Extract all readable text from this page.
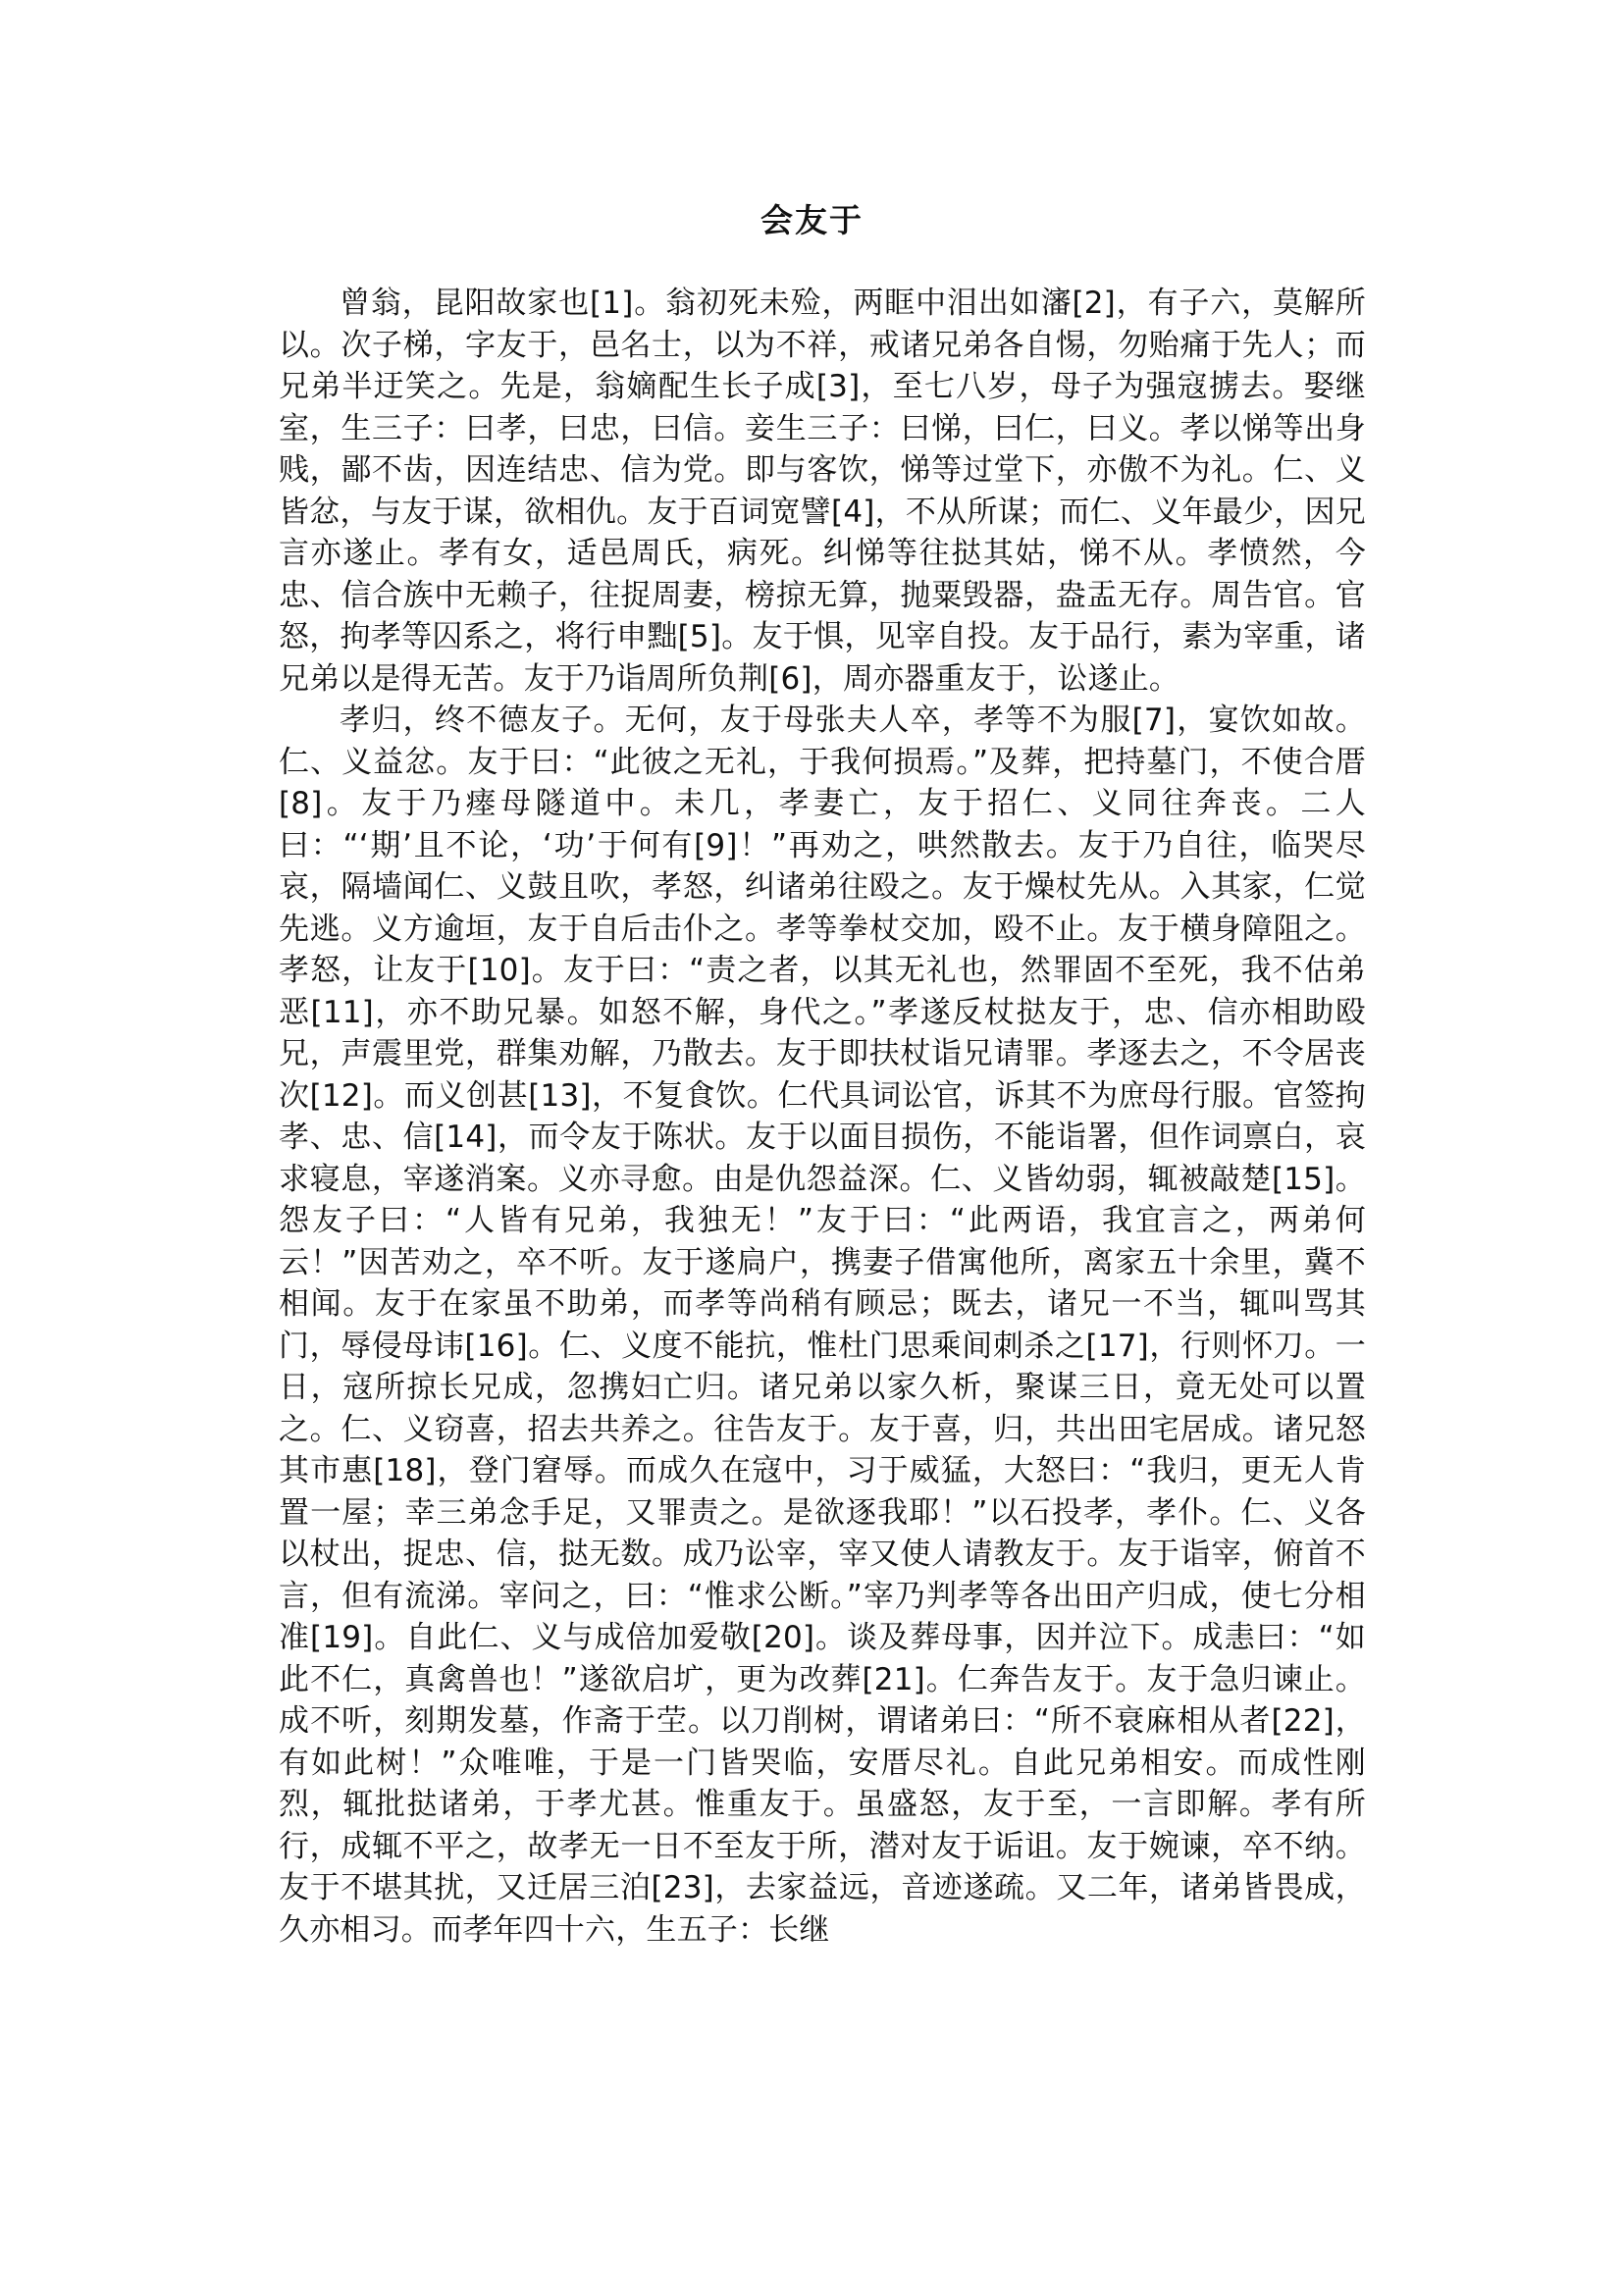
会友于

曾翁，昆阳故家也[1]。翁初死未殓，两眶中泪出如瀋[2]，有子六，莫解所以。次子梯，字友于，邑名士，以为不祥，戒诸兄弟各自惕，勿贻痛于先人；而兄弟半迂笑之。先是，翁嫡配生长子成[3]，至七八岁，母子为强寇掳去。娶继室，生三子：曰孝，曰忠，曰信。妾生三子：曰悌，曰仁，曰义。孝以悌等出身贱，鄙不齿，因连结忠、信为党。即与客饮，悌等过堂下，亦傲不为礼。仁、义皆忿，与友于谋，欲相仇。友于百词宽譬[4]，不从所谋；而仁、义年最少，因兄言亦遂止。孝有女，适邑周氏，病死。纠悌等往挞其姑，悌不从。孝愤然，今忠、信合族中无赖子，往捉周妻，榜掠无算，抛粟毁器，盎盂无存。周告官。官怒，拘孝等囚系之，将行申黜[5]。友于惧，见宰自投。友于品行，素为宰重，诸兄弟以是得无苦。友于乃诣周所负荆[6]，周亦器重友于，讼遂止。

孝归，终不德友子。无何，友于母张夫人卒，孝等不为服[7]，宴饮如故。仁、义益忿。友于曰：“此彼之无礼，于我何损焉。”及葬，把持墓门，不使合厝[8]。友于乃瘗母隧道中。未几，孝妻亡，友于招仁、义同往奔丧。二人曰：“‘期’且不论，‘功’于何有[9]！”再劝之，哄然散去。友于乃自往，临哭尽哀，隔墙闻仁、义鼓且吹，孝怒，纠诸弟往殴之。友于燥杖先从。入其家，仁觉先逃。义方逾垣，友于自后击仆之。孝等拳杖交加，殴不止。友于横身障阻之。孝怒，让友于[10]。友于曰：“责之者，以其无礼也，然罪固不至死，我不估弟恶[11]，亦不助兄暴。如怒不解，身代之。”孝遂反杖挞友于，忠、信亦相助殴兄，声震里党，群集劝解，乃散去。友于即扶杖诣兄请罪。孝逐去之，不令居丧次[12]。而义创甚[13]，不复食饮。仁代具词讼官，诉其不为庶母行服。官签拘孝、忠、信[14]，而令友于陈状。友于以面目损伤，不能诣署，但作词禀白，哀求寝息，宰遂消案。义亦寻愈。由是仇怨益深。仁、义皆幼弱，辄被敲楚[15]。怨友子曰：“人皆有兄弟，我独无！”友于曰：“此两语，我宜言之，两弟何云！”因苦劝之，卒不听。友于遂扃户，携妻子借寓他所，离家五十余里，冀不相闻。友于在家虽不助弟，而孝等尚稍有顾忌；既去，诸兄一不当，辄叫骂其门，辱侵母讳[16]。仁、义度不能抗，惟杜门思乘间刺杀之[17]，行则怀刀。一日，寇所掠长兄成，忽携妇亡归。诸兄弟以家久析，聚谋三日，竟无处可以置之。仁、义窃喜，招去共养之。往告友于。友于喜，归，共出田宅居成。诸兄怒其市惠[18]，登门窘辱。而成久在寇中，习于威猛，大怒曰：“我归，更无人肯置一屋；幸三弟念手足，又罪责之。是欲逐我耶！”以石投孝，孝仆。仁、义各以杖出，捉忠、信，挞无数。成乃讼宰，宰又使人请教友于。友于诣宰，俯首不言，但有流涕。宰问之，曰：“惟求公断。”宰乃判孝等各出田产归成，使七分相准[19]。自此仁、义与成倍加爱敬[20]。谈及葬母事，因并泣下。成恚曰：“如此不仁，真禽兽也！”遂欲启圹，更为改葬[21]。仁奔告友于。友于急归谏止。成不听，刻期发墓，作斋于茔。以刀削树，谓诸弟曰：“所不衰麻相从者[22]，有如此树！”众唯唯，于是一门皆哭临，安厝尽礼。自此兄弟相安。而成性刚烈，辄批挞诸弟，于孝尤甚。惟重友于。虽盛怒，友于至，一言即解。孝有所行，成辄不平之，故孝无一日不至友于所，潜对友于诟诅。友于婉谏，卒不纳。友于不堪其扰，又迁居三泊[23]，去家益远，音迹遂疏。又二年，诸弟皆畏成，久亦相习。而孝年四十六，生五子：长继
